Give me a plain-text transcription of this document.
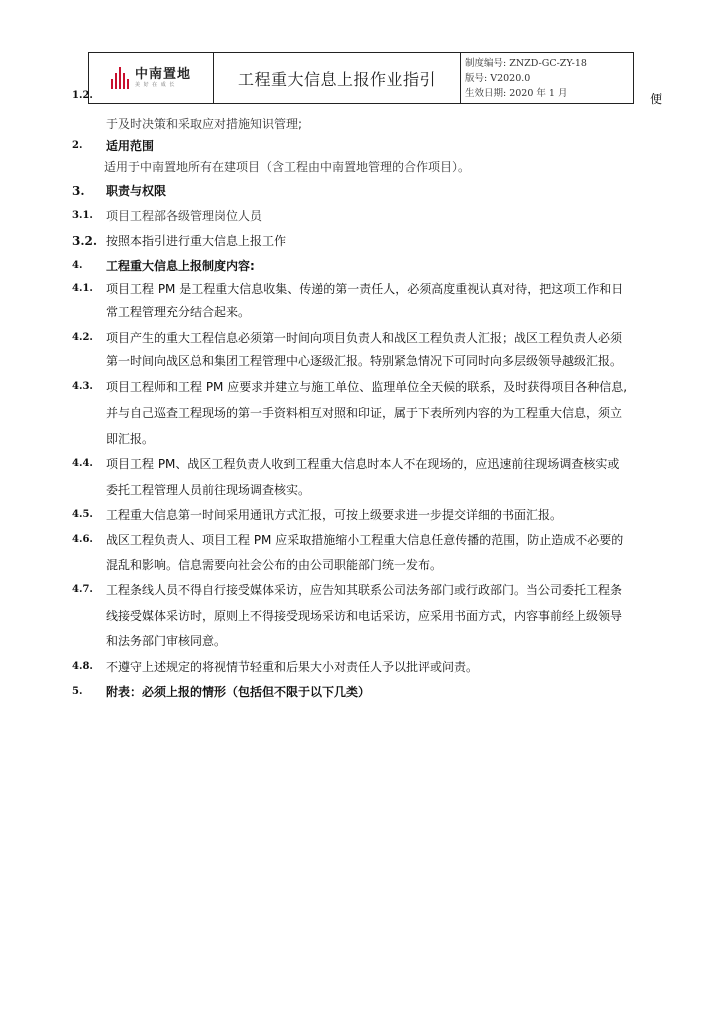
中南置地
美 好 在 成 长	工程重大信息上报作业指引
制度编号: ZNZD-GC-ZY-18
版号: V2020.0
生效日期: 2020 年 1 月
1.2.	便
于及时决策和采取应对措施知识管理;
2. 适用范围
适用于中南置地所有在建项目（含工程由中南置地管理的合作项目）。
3. 职责与权限
3.1. 项目工程部各级管理岗位人员
3.2. 按照本指引进行重大信息上报工作
4. 工程重大信息上报制度内容:
4.1. 项目工程 PM 是工程重大信息收集、传递的第一责任人，必须高度重视认真对待，把这项工作和日
常工程管理充分结合起来。
4.2. 项目产生的重大工程信息必须第一时间向项目负责人和战区工程负责人汇报；战区工程负责人必须
第一时间向战区总和集团工程管理中心逐级汇报。特别紧急情况下可同时向多层级领导越级汇报。
4.3. 项目工程师和工程 PM 应要求并建立与施工单位、监理单位全天候的联系，及时获得项目各种信息,
并与自己巡查工程现场的第一手资料相互对照和印证，属于下表所列内容的为工程重大信息，须立
即汇报。
4.4. 项目工程 PM、战区工程负责人收到工程重大信息时本人不在现场的，应迅速前往现场调查核实或
委托工程管理人员前往现场调查核实。
4.5. 工程重大信息第一时间采用通讯方式汇报，可按上级要求进一步提交详细的书面汇报。
4.6. 战区工程负责人、项目工程 PM 应采取措施缩小工程重大信息任意传播的范围，防止造成不必要的
混乱和影响。信息需要向社会公布的由公司职能部门统一发布。
4.7. 工程条线人员不得自行接受媒体采访，应告知其联系公司法务部门或行政部门。当公司委托工程条
线接受媒体采访时，原则上不得接受现场采访和电话采访，应采用书面方式，内容事前经上级领导
和法务部门审核同意。
4.8. 不遵守上述规定的将视情节轻重和后果大小对责任人予以批评或问责。
5. 附表：必须上报的情形（包括但不限于以下几类）
